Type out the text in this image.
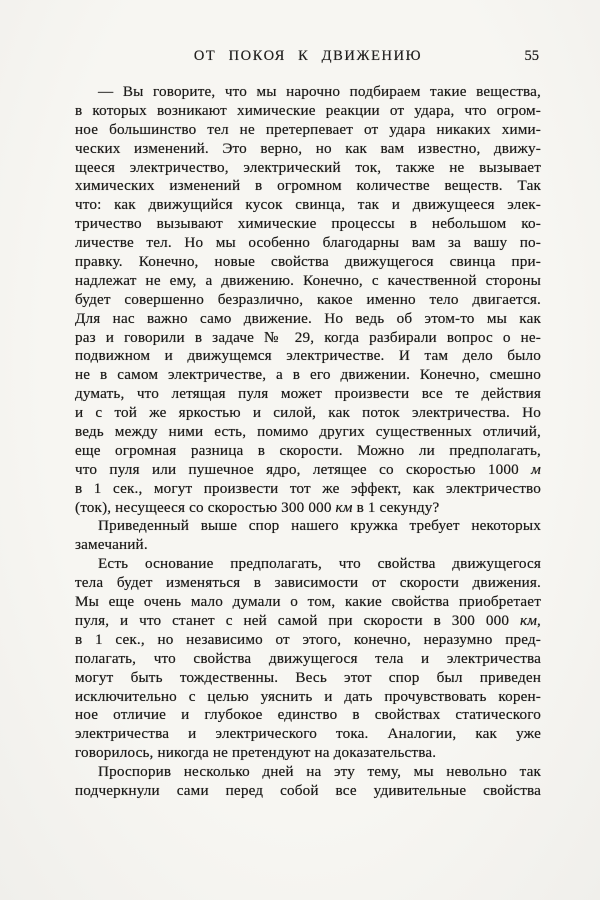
ОТ ПОКОЯ К ДВИЖЕНИЮ	55
— Вы говорите, что мы нарочно подбираем такие вещества,
в которых возникают химические реакции от удара, что огром-
ное большинство тел не претерпевает от удара никаких хими-
ческих изменений. Это верно, но как вам известно, движу-
щееся электричество, электрический ток, также не вызывает
химических изменений в огромном количестве веществ. Так
что: как движущийся кусок свинца, так и движущееся элек-
тричество вызывают химические процессы в небольшом ко-
личестве тел. Но мы особенно благодарны вам за вашу по-
правку. Конечно, новые свойства движущегося свинца при-
надлежат не ему, а движению. Конечно, с качественной стороны
будет совершенно безразлично, какое именно тело двигается.
Для нас важно само движение. Но ведь об этом-то мы как
раз и говорили в задаче № 29, когда разбирали вопрос о не-
подвижном и движущемся электричестве. И там дело было
не в самом электричестве, а в его движении. Конечно, смешно
думать, что летящая пуля может произвести все те действия
и с той же яркостью и силой, как поток электричества. Но
ведь между ними есть, помимо других существенных отличий,
еще огромная разница в скорости. Можно ли предполагать,
что пуля или пушечное ядро, летящее со скоростью 1000 м
в 1 сек., могут произвести тот же эффект, как электричество
(ток), несущееся со скоростью 300 000 км в 1 секунду?
Приведенный выше спор нашего кружка требует некоторых
замечаний.
Есть основание предполагать, что свойства движущегося
тела будет изменяться в зависимости от скорости движения.
Мы еще очень мало думали о том, какие свойства приобретает
пуля, и что станет с ней самой при скорости в 300 000 км,
в 1 сек., но независимо от этого, конечно, неразумно пред-
полагать, что свойства движущегося тела и электричества
могут быть тождественны. Весь этот спор был приведен
исключительно с целью уяснить и дать прочувствовать корен-
ное отличие и глубокое единство в свойствах статического
электричества и электрического тока. Аналогии, как уже
говорилось, никогда не претендуют на доказательства.
Проспорив несколько дней на эту тему, мы невольно так
подчеркнули сами перед собой все удивительные свойства
